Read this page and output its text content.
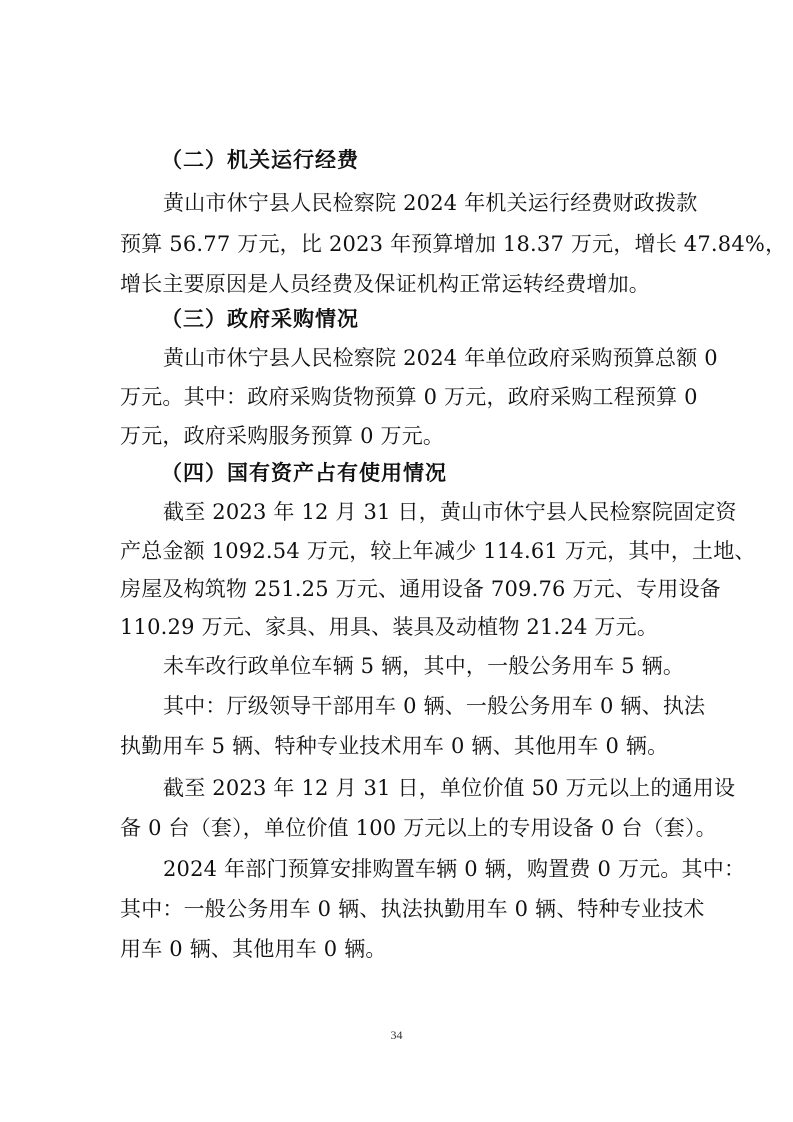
（二）机关运行经费
黄山市休宁县人民检察院 2024 年机关运行经费财政拨款
预算 56.77 万元，比 2023 年预算增加 18.37 万元，增长 47.84%，
增长主要原因是人员经费及保证机构正常运转经费增加。
（三）政府采购情况
黄山市休宁县人民检察院 2024 年单位政府采购预算总额 0
万元。其中：政府采购货物预算 0 万元，政府采购工程预算 0
万元，政府采购服务预算 0 万元。
（四）国有资产占有使用情况
截至 2023 年 12 月 31 日，黄山市休宁县人民检察院固定资
产总金额 1092.54 万元，较上年减少 114.61 万元，其中，土地、
房屋及构筑物 251.25 万元、通用设备 709.76 万元、专用设备
110.29 万元、家具、用具、装具及动植物 21.24 万元。
未车改行政单位车辆 5 辆，其中，一般公务用车 5 辆。
其中：厅级领导干部用车 0 辆、一般公务用车 0 辆、执法
执勤用车 5 辆、特种专业技术用车 0 辆、其他用车 0 辆。
截至 2023 年 12 月 31 日，单位价值 50 万元以上的通用设
备 0 台（套），单位价值 100 万元以上的专用设备 0 台（套）。
2024 年部门预算安排购置车辆 0 辆，购置费 0 万元。其中：
其中：一般公务用车 0 辆、执法执勤用车 0 辆、特种专业技术
用车 0 辆、其他用车 0 辆。
34
